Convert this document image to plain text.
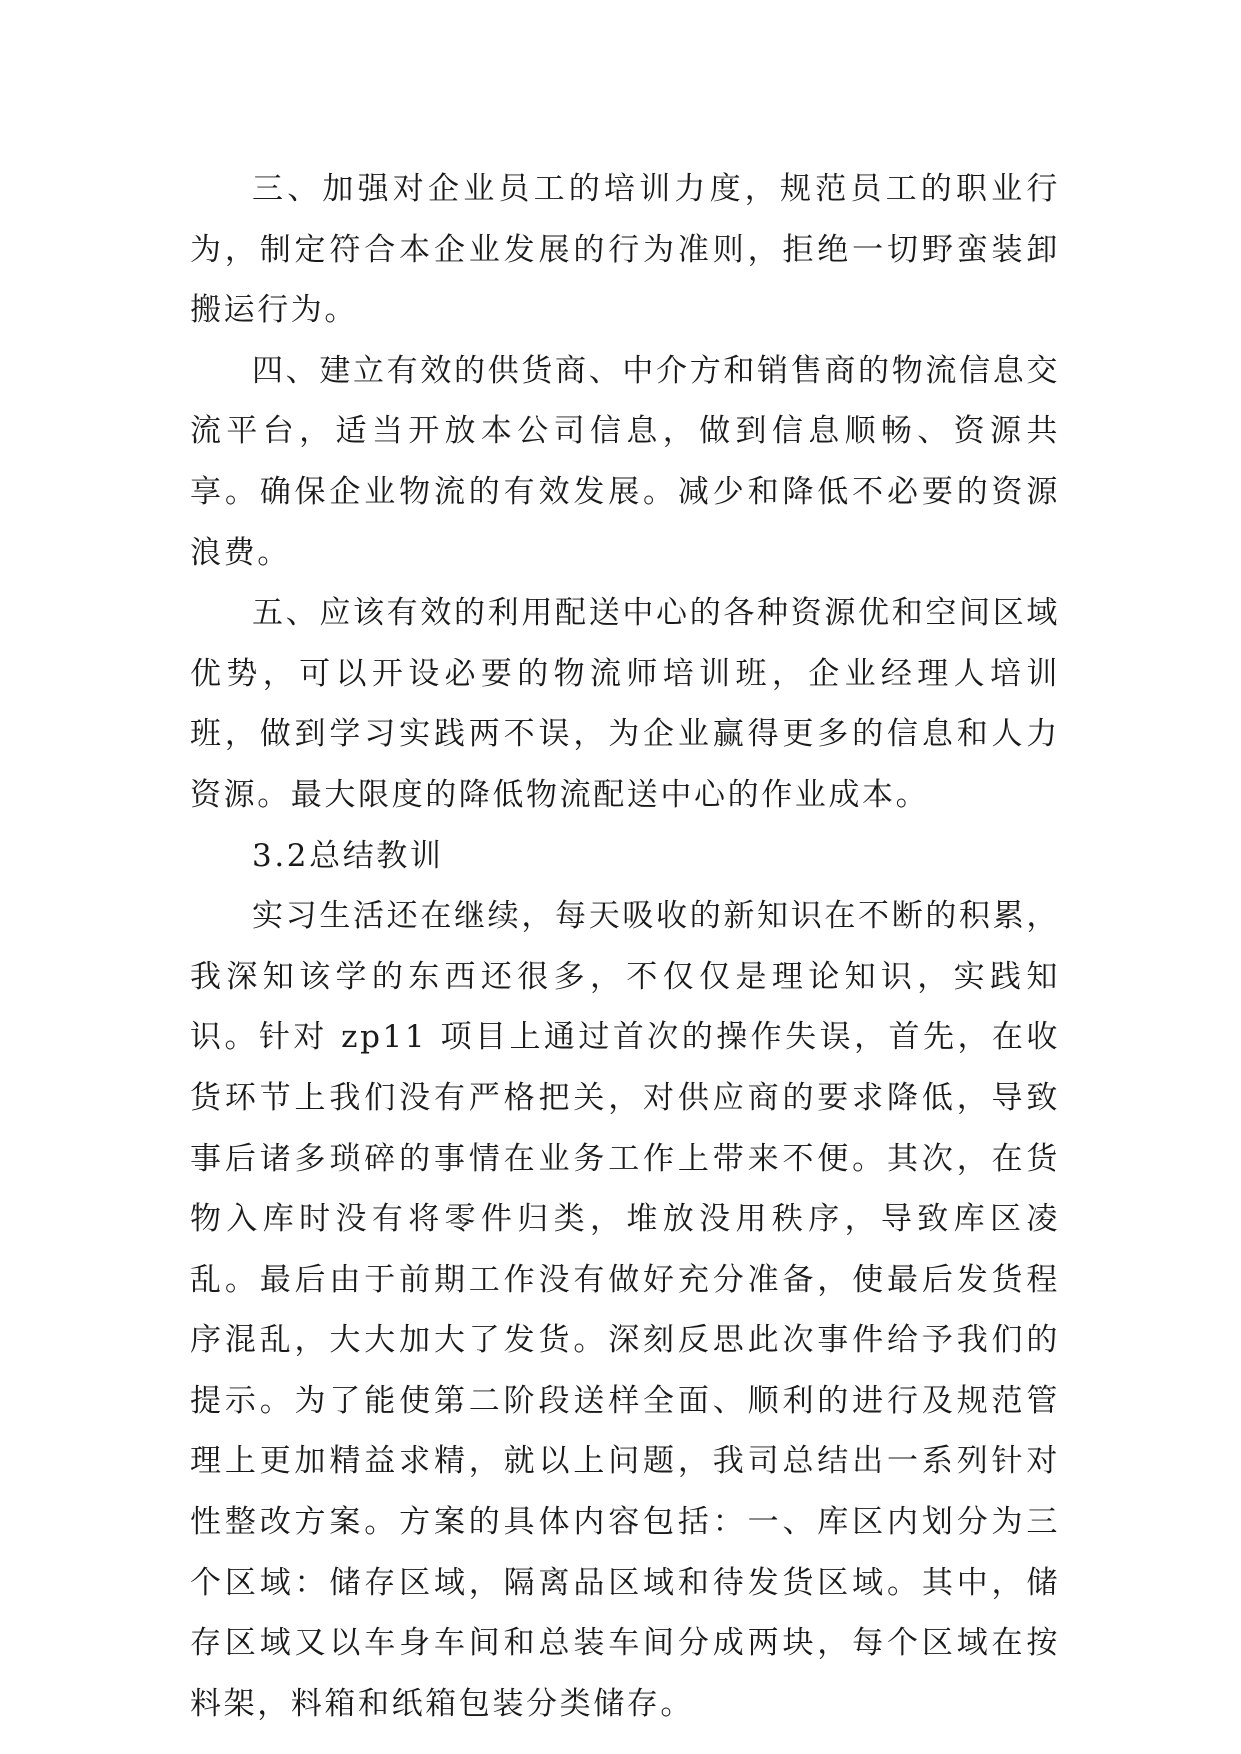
三、加强对企业员工的培训力度，规范员工的职业行为，制定符合本企业发展的行为准则，拒绝一切野蛮装卸搬运行为。

四、建立有效的供货商、中介方和销售商的物流信息交流平台，适当开放本公司信息，做到信息顺畅、资源共享。确保企业物流的有效发展。减少和降低不必要的资源浪费。

五、应该有效的利用配送中心的各种资源优和空间区域优势，可以开设必要的物流师培训班，企业经理人培训班，做到学习实践两不误，为企业赢得更多的信息和人力资源。最大限度的降低物流配送中心的作业成本。

3.2总结教训

实习生活还在继续，每天吸收的新知识在不断的积累，我深知该学的东西还很多，不仅仅是理论知识，实践知识。针对 zp11 项目上通过首次的操作失误，首先，在收货环节上我们没有严格把关，对供应商的要求降低，导致事后诸多琐碎的事情在业务工作上带来不便。其次，在货物入库时没有将零件归类，堆放没用秩序，导致库区凌乱。最后由于前期工作没有做好充分准备，使最后发货程序混乱，大大加大了发货。深刻反思此次事件给予我们的提示。为了能使第二阶段送样全面、顺利的进行及规范管理上更加精益求精，就以上问题，我司总结出一系列针对性整改方案。方案的具体内容包括：一、库区内划分为三个区域：储存区域，隔离品区域和待发货区域。其中，储存区域又以车身车间和总装车间分成两块，每个区域在按料架，料箱和纸箱包装分类储存。
